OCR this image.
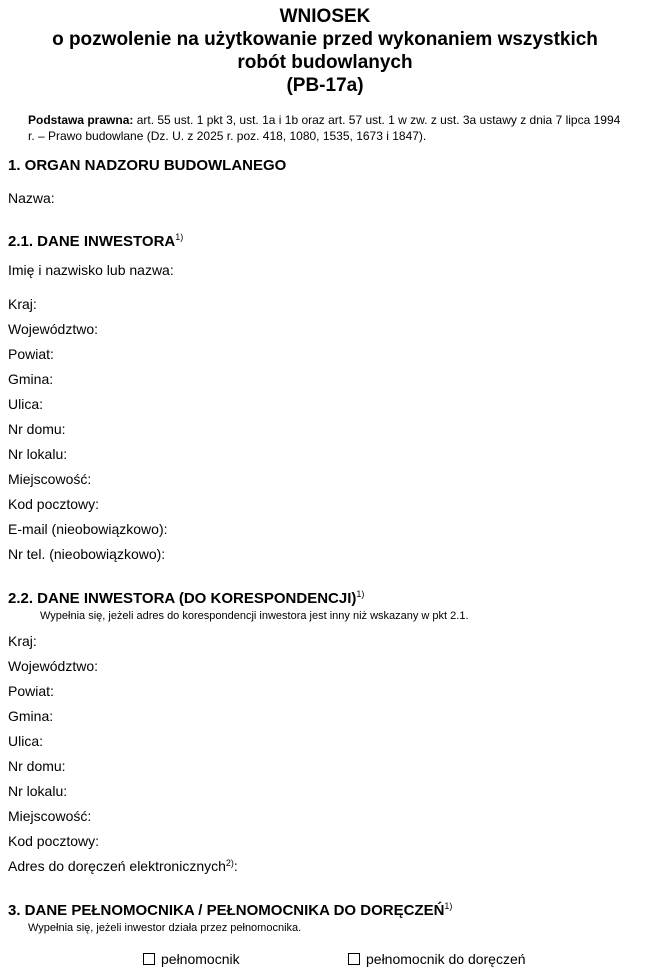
WNIOSEK
o pozwolenie na użytkowanie przed wykonaniem wszystkich
robót budowlanych
(PB-17a)
Podstawa prawna: art. 55 ust. 1 pkt 3, ust. 1a i 1b oraz art. 57 ust. 1 w zw. z ust. 3a ustawy z dnia 7 lipca 1994 r. – Prawo budowlane (Dz. U. z 2025 r. poz. 418, 1080, 1535, 1673 i 1847).
1. ORGAN NADZORU BUDOWLANEGO
Nazwa:
2.1. DANE INWESTORA$^{1)}$
Imię i nazwisko lub nazwa:
Kraj:
Województwo:
Powiat:
Gmina:
Ulica:
Nr domu:
Nr lokalu:
Miejscowość:
Kod pocztowy:
E-mail (nieobowiązkowo):
Nr tel. (nieobowiązkowo):
2.2. DANE INWESTORA (DO KORESPONDENCJI)$^{1)}$
Wypełnia się, jeżeli adres do korespondencji inwestora jest inny niż wskazany w pkt 2.1.
Kraj:
Województwo:
Powiat:
Gmina:
Ulica:
Nr domu:
Nr lokalu:
Miejscowość:
Kod pocztowy:
Adres do doręczeń elektronicznych$^{2)}$:
3. DANE PEŁNOMOCNIKA / PEŁNOMOCNIKA DO DORĘCZEŃ$^{1)}$
Wypełnia się, jeżeli inwestor działa przez pełnomocnika.
pełnomocnik	pełnomocnik do doręczeń
